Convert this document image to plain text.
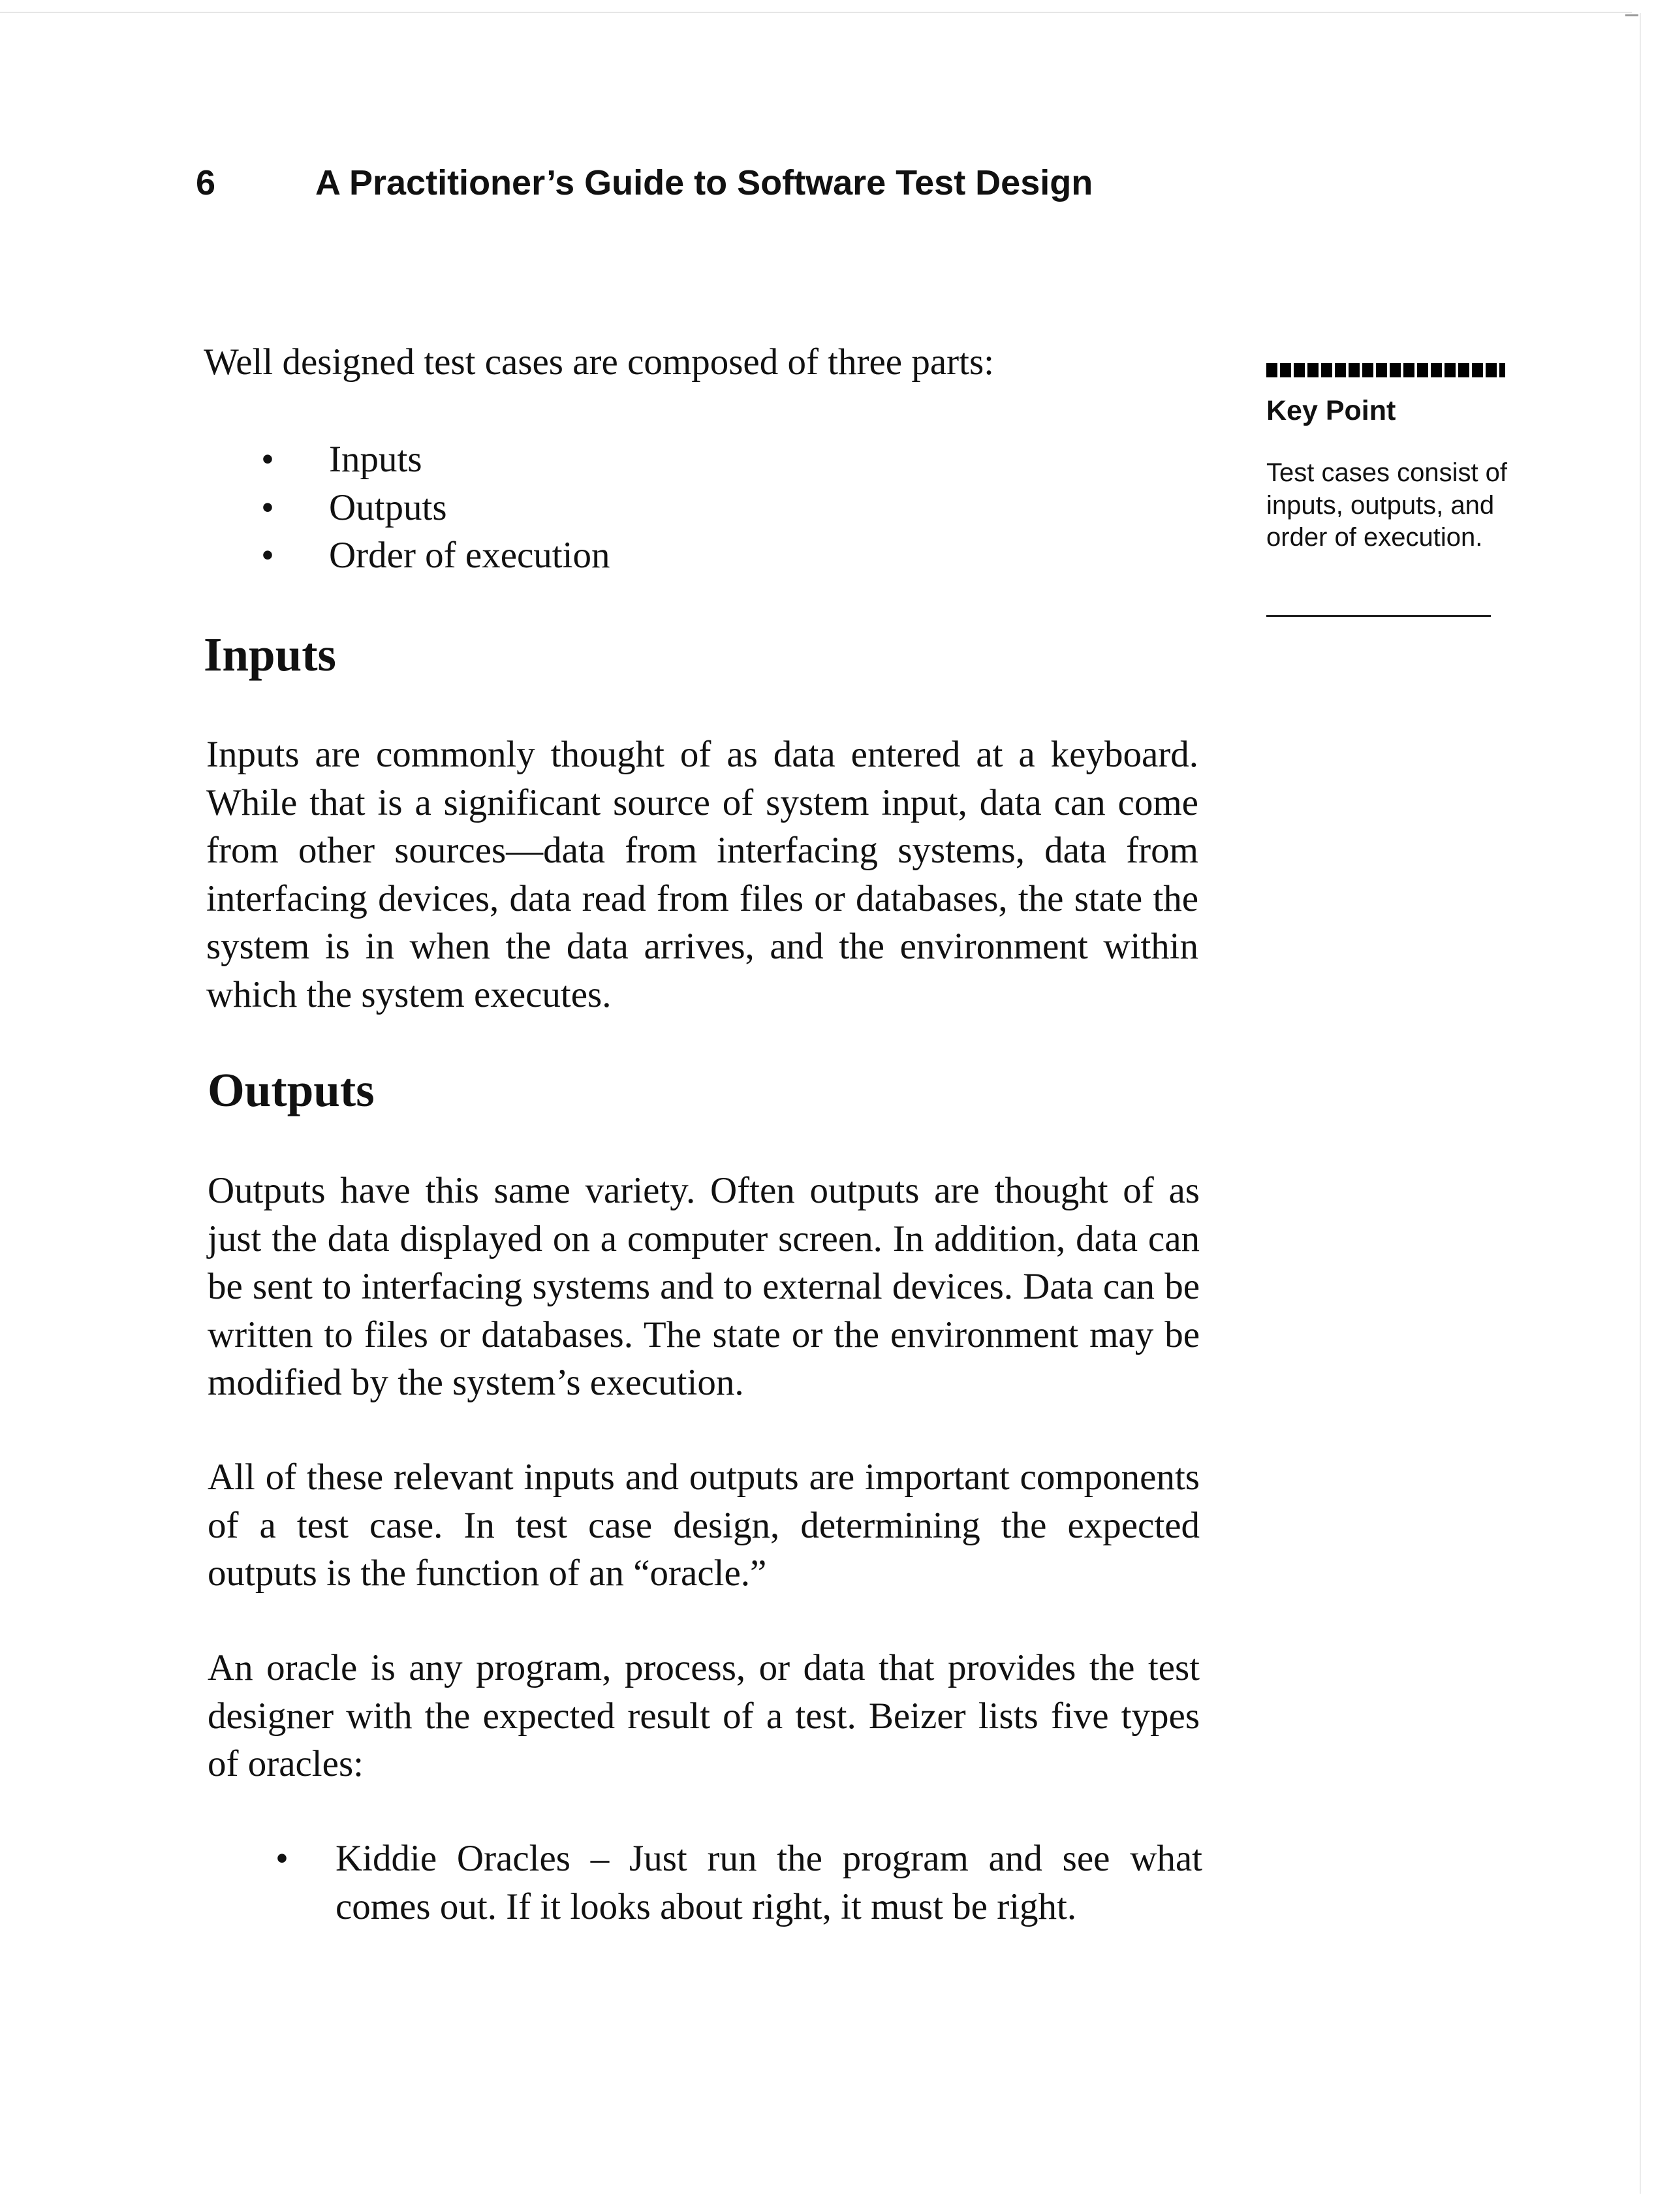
6	A Practitioner’s Guide to Software Test Design
Well designed test cases are composed of three parts:
• Inputs
• Outputs
• Order of execution
Inputs

Inputs are commonly thought of as data entered at a keyboard. While that is a significant source of system input, data can come from other sources—data from interfacing systems, data from interfacing devices, data read from files or databases, the state the system is in when the data arrives, and the environment within which the system executes.

Outputs

Outputs have this same variety. Often outputs are thought of as just the data displayed on a computer screen. In addition, data can be sent to interfacing systems and to external devices. Data can be written to files or databases. The state or the environment may be modified by the system’s execution.

All of these relevant inputs and outputs are important components of a test case. In test case design, determining the expected outputs is the function of an “oracle.”

An oracle is any program, process, or data that provides the test designer with the expected result of a test. Beizer lists five types of oracles:

• Kiddie Oracles – Just run the program and see what comes out. If it looks about right, it must be right.
Key Point

Test cases consist of inputs, outputs, and order of execution.
